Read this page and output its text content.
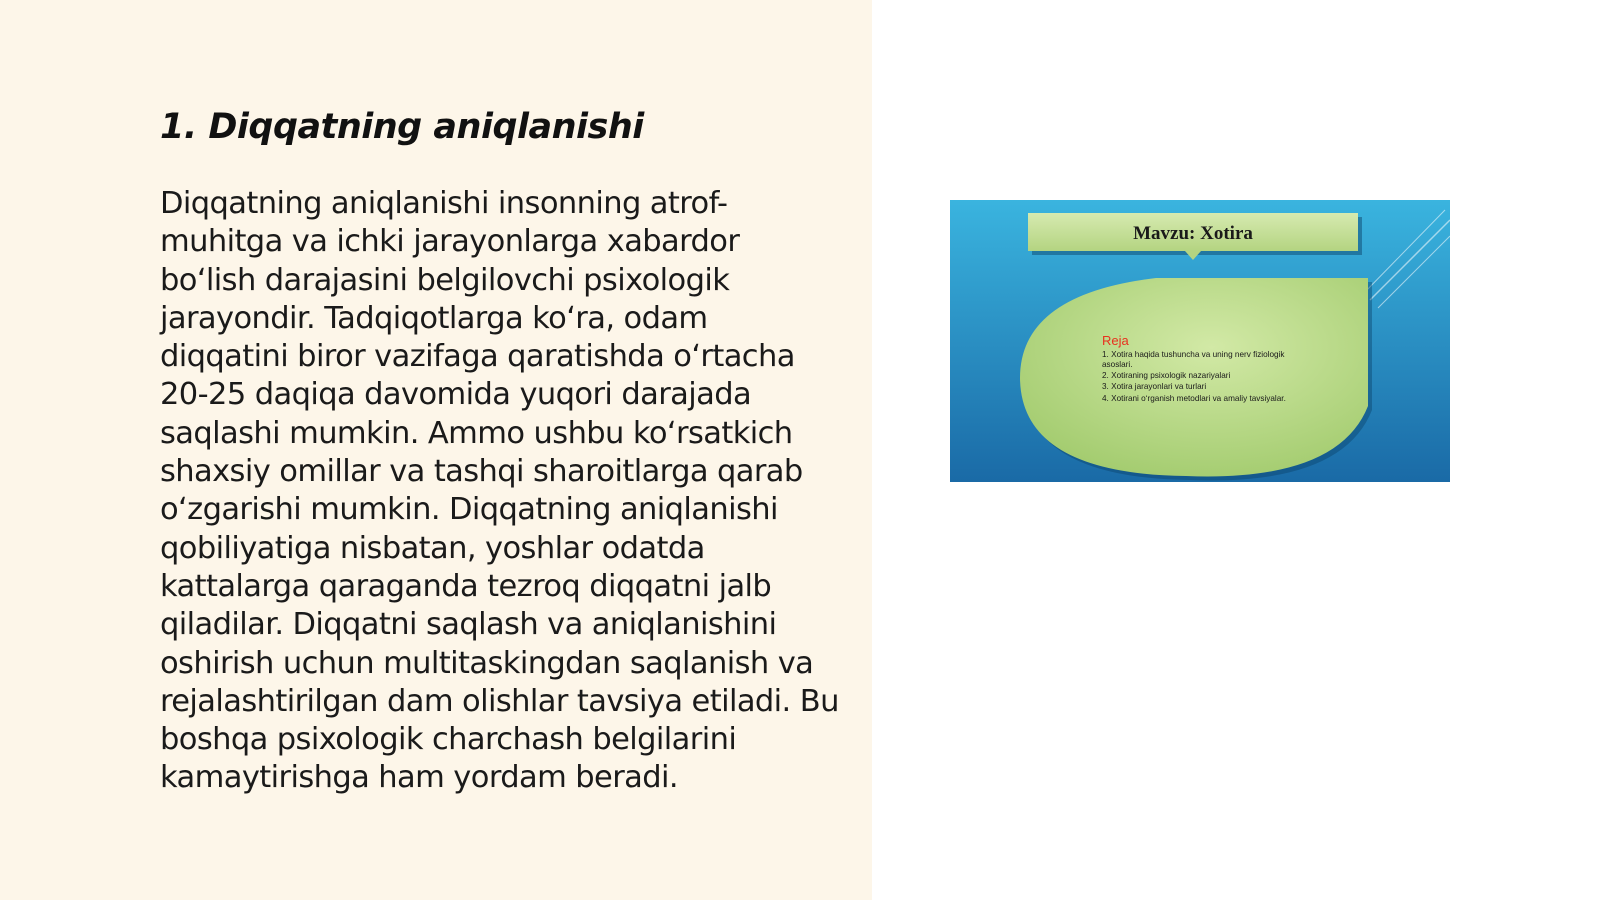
1. Diqqatning aniqlanishi
Diqqatning aniqlanishi insonning atrof-muhitga va ichki jarayonlarga xabardor boʻlish darajasini belgilovchi psixologik jarayondir. Tadqiqotlarga koʻra, odam diqqatini biror vazifaga qaratishda oʻrtacha 20-25 daqiqa davomida yuqori darajada saqlashi mumkin. Ammo ushbu koʻrsatkich shaxsiy omillar va tashqi sharoitlarga qarab oʻzgarishi mumkin. Diqqatning aniqlanishi qobiliyatiga nisbatan, yoshlar odatda kattalarga qaraganda tezroq diqqatni jalb qiladilar. Diqqatni saqlash va aniqlanishini oshirish uchun multitaskingdan saqlanish va rejalashtirilgan dam olishlar tavsiya etiladi. Bu boshqa psixologik charchash belgilarini kamaytirishga ham yordam beradi.
Mavzu: Xotira
Reja
1. Xotira haqida tushuncha va uning nerv fiziologik
asoslari.
2. Xotiraning psixologik nazariyalari
3. Xotira jarayonlari va turlari
4. Xotirani oʻrganish metodlari va amaliy tavsiyalar.
